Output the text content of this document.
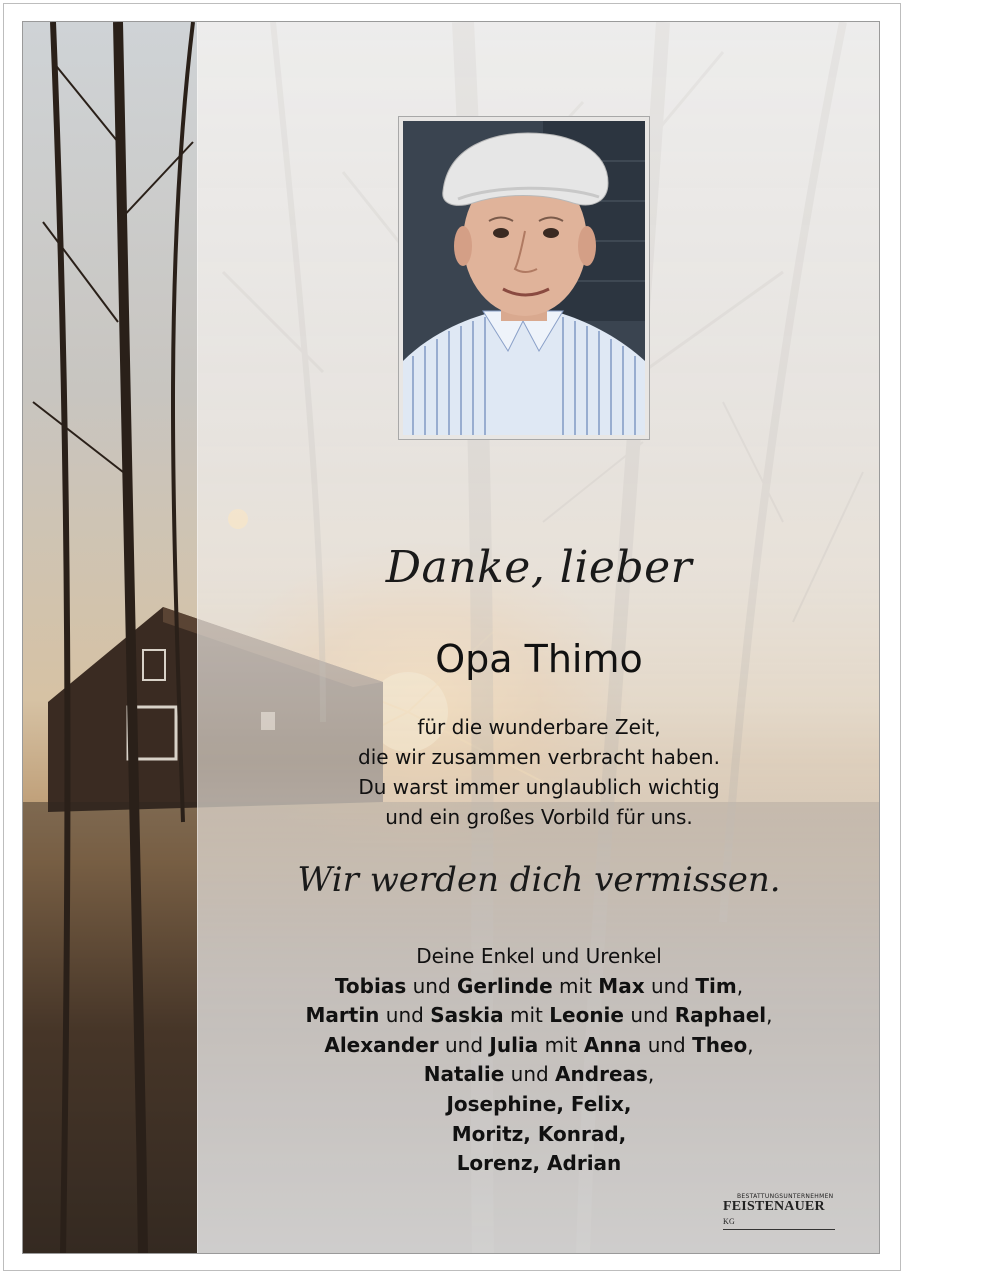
Danke, lieber
Opa Thimo
für die wunderbare Zeit,
die wir zusammen verbracht haben.
Du warst immer unglaublich wichtig
und ein großes Vorbild für uns.
Wir werden dich vermissen.
Deine Enkel und Urenkel
Tobias und Gerlinde mit Max und Tim,
Martin und Saskia mit Leonie und Raphael,
Alexander und Julia mit Anna und Theo,
Natalie und Andreas,
Josephine, Felix,
Moritz, Konrad,
Lorenz, Adrian
BESTATTUNGSUNTERNEHMEN
FEISTENAUER KG
